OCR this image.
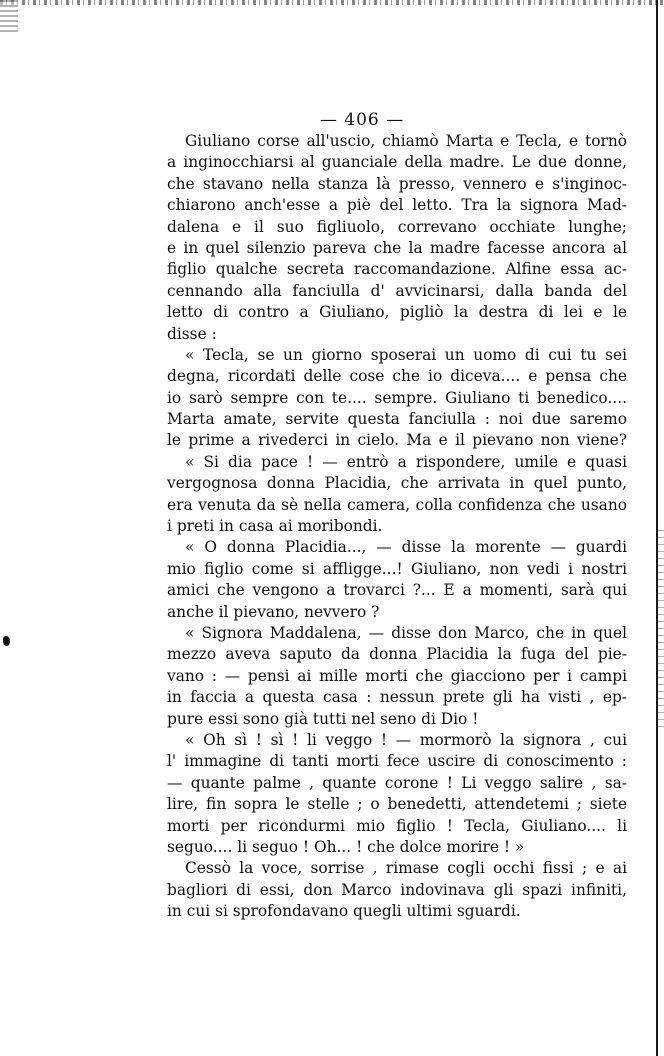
— 406 —
Giuliano corse all'uscio, chiamò Marta e Tecla, e tornò
a inginocchiarsi al guanciale della madre. Le due donne,
che stavano nella stanza là presso, vennero e s'inginoc-
chiarono anch'esse a piè del letto. Tra la signora Mad-
dalena e il suo figliuolo, correvano occhiate lunghe;
e in quel silenzio pareva che la madre facesse ancora al
figlio qualche secreta raccomandazione. Alfine essa ac-
cennando alla fanciulla d' avvicinarsi, dalla banda del
letto di contro a Giuliano, pigliò la destra di lei e le
disse :
« Tecla, se un giorno sposerai un uomo di cui tu sei
degna, ricordati delle cose che io diceva.... e pensa che
io sarò sempre con te.... sempre. Giuliano ti benedico....
Marta amate, servite questa fanciulla : noi due saremo
le prime a rivederci in cielo. Ma e il pievano non viene?
« Si dia pace ! — entrò a rispondere, umile e quasi
vergognosa donna Placidia, che arrivata in quel punto,
era venuta da sè nella camera, colla confidenza che usano
i preti in casa ai moribondi.
« O donna Placidia..., — disse la morente — guardi
mio figlio come si affligge...! Giuliano, non vedi i nostri
amici che vengono a trovarci ?... E a momenti, sarà qui
anche il pievano, nevvero ?
« Signora Maddalena, — disse don Marco, che in quel
mezzo aveva saputo da donna Placidia la fuga del pie-
vano : — pensi ai mille morti che giacciono per i campi
in faccia a questa casa : nessun prete gli ha visti , ep-
pure essi sono già tutti nel seno di Dio !
« Oh sì ! sì ! li veggo ! — mormorò la signora , cui
l' immagine di tanti morti fece uscire di conoscimento :
— quante palme , quante corone ! Li veggo salire , sa-
lire, fin sopra le stelle ; o benedetti, attendetemi ; siete
morti per ricondurmi mio figlio ! Tecla, Giuliano.... li
seguo.... li seguo ! Oh... ! che dolce morire ! »
Cessò la voce, sorrise , rimase cogli occhi fissi ; e ai
bagliori di essi, don Marco indovinava gli spazi infiniti,
in cui si sprofondavano quegli ultimi sguardi.
